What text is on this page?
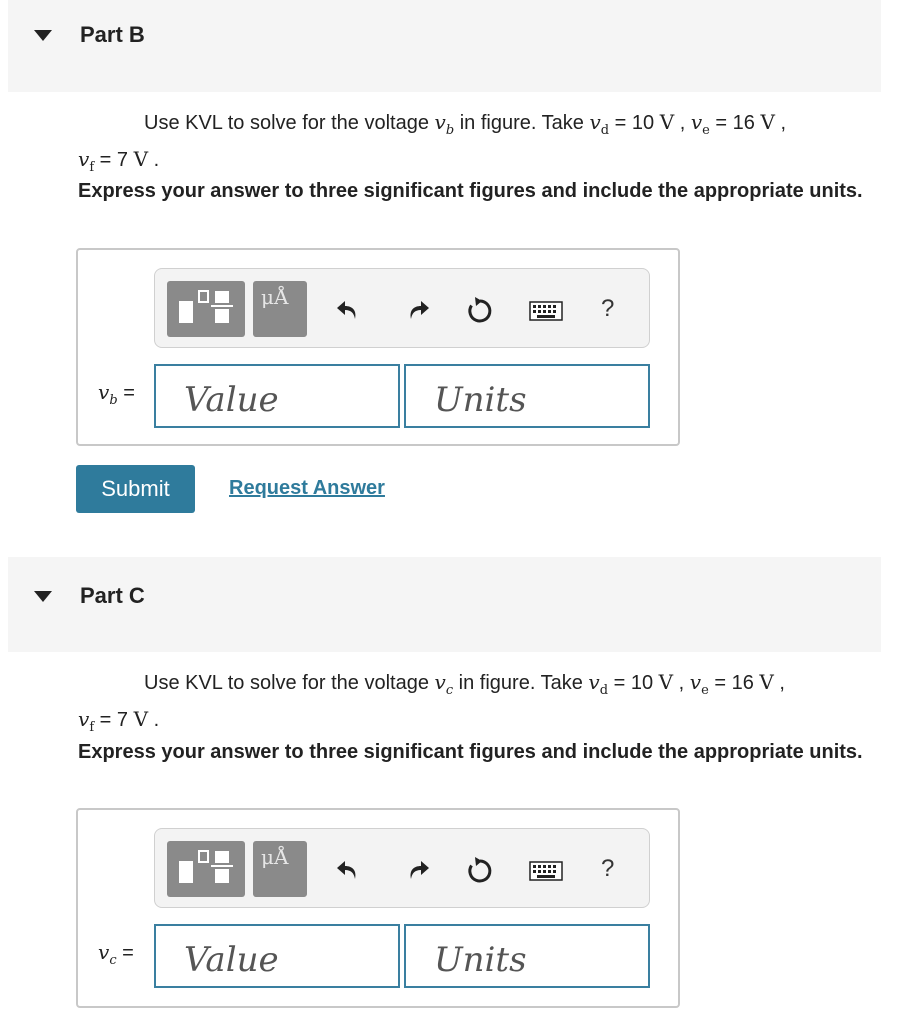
Part B
Use KVL to solve for the voltage $v_b$ in figure. Take $v_d = 10$ V , $v_e = 16$ V ,
$v_f = 7$ V .
Express your answer to three significant figures and include the appropriate units.
μÅ	?
$v_b$ =
Value
Units
Submit	Request Answer
Part C
Use KVL to solve for the voltage $v_c$ in figure. Take $v_d = 10$ V , $v_e = 16$ V ,
$v_f = 7$ V .
Express your answer to three significant figures and include the appropriate units.
μÅ	?
$v_c$ =
Value
Units
